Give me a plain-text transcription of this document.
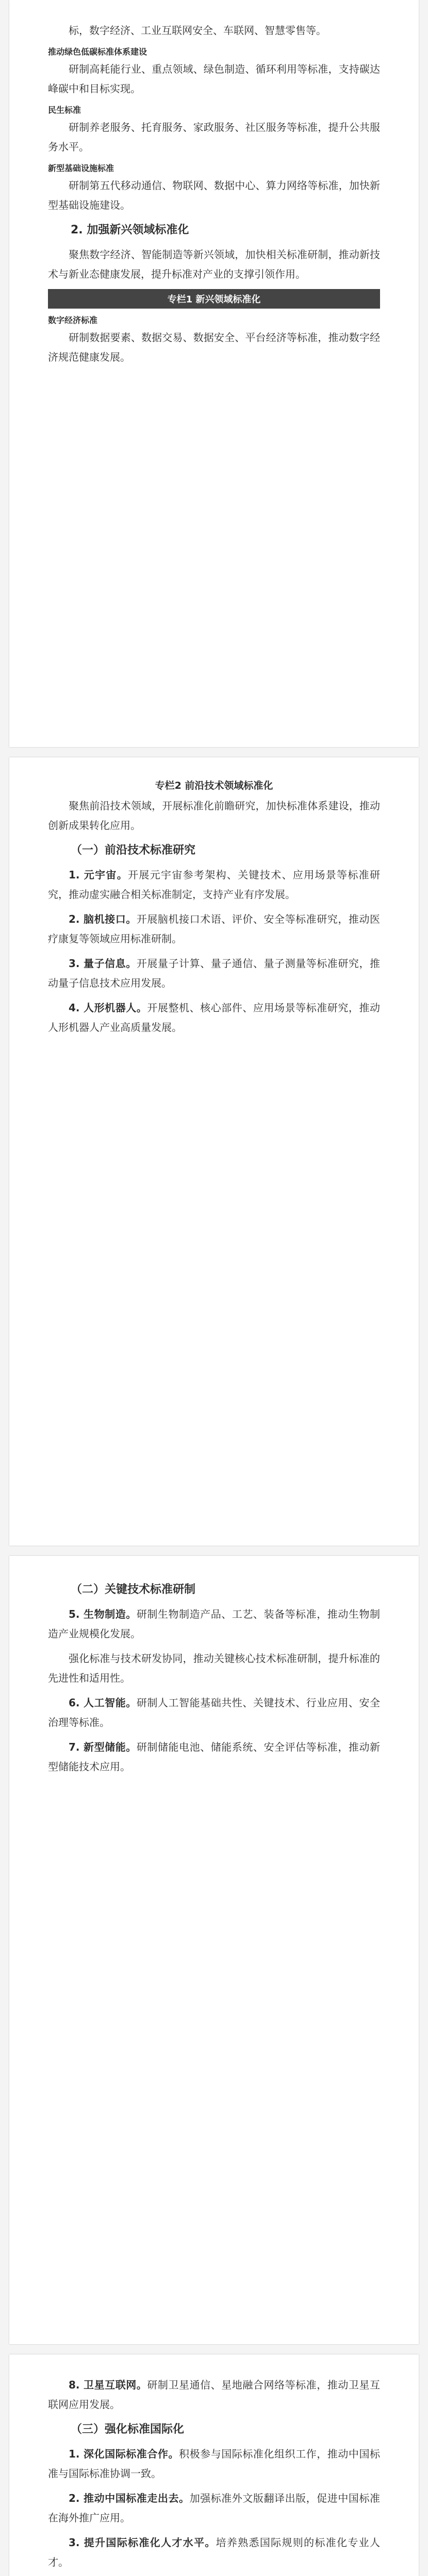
标，数字经济、工业互联网安全、车联网、智慧零售等。

推动绿色低碳标准体系建设

研制高耗能行业、重点领域、绿色制造、循环利用等标准，支持碳达峰碳中和目标实现。

民生标准

研制养老服务、托育服务、家政服务、社区服务等标准，提升公共服务水平。

新型基础设施标准

研制第五代移动通信、物联网、数据中心、算力网络等标准，加快新型基础设施建设。

2. 加强新兴领域标准化

聚焦数字经济、智能制造等新兴领域，加快相关标准研制，推动新技术与新业态健康发展，提升标准对产业的支撑引领作用。

专栏1 新兴领域标准化
数字经济标准

研制数据要素、数据交易、数据安全、平台经济等标准，推动数字经济规范健康发展。

专栏2 前沿技术领域标准化

聚焦前沿技术领域，开展标准化前瞻研究，加快标准体系建设，推动创新成果转化应用。

（一）前沿技术标准研究

1. 元宇宙。开展元宇宙参考架构、关键技术、应用场景等标准研究，推动虚实融合相关标准制定，支持产业有序发展。

2. 脑机接口。开展脑机接口术语、评价、安全等标准研究，推动医疗康复等领域应用标准研制。

3. 量子信息。开展量子计算、量子通信、量子测量等标准研究，推动量子信息技术应用发展。

4. 人形机器人。开展整机、核心部件、应用场景等标准研究，推动人形机器人产业高质量发展。

（二）关键技术标准研制

5. 生物制造。研制生物制造产品、工艺、装备等标准，推动生物制造产业规模化发展。

强化标准与技术研发协同，推动关键核心技术标准研制，提升标准的先进性和适用性。

6. 人工智能。研制人工智能基础共性、关键技术、行业应用、安全治理等标准。

7. 新型储能。研制储能电池、储能系统、安全评估等标准，推动新型储能技术应用。

8. 卫星互联网。研制卫星通信、星地融合网络等标准，推动卫星互联网应用发展。

（三）强化标准国际化

1. 深化国际标准合作。积极参与国际标准化组织工作，推动中国标准与国际标准协调一致。

2. 推动中国标准走出去。加强标准外文版翻译出版，促进中国标准在海外推广应用。

3. 提升国际标准化人才水平。培养熟悉国际规则的标准化专业人才。
